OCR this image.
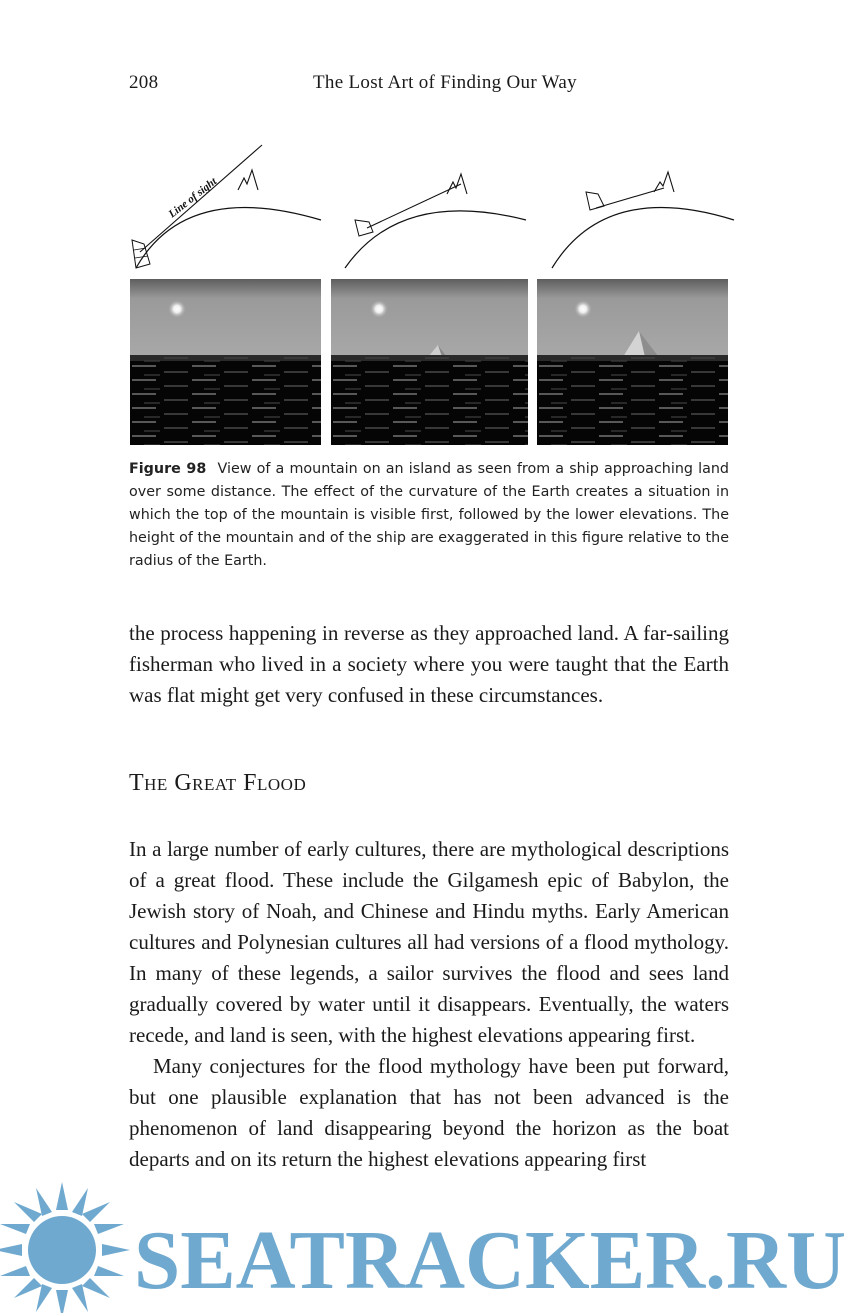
208	The Lost Art of Finding Our Way
Line of sight
Figure 98 View of a mountain on an island as seen from a ship approaching land over some distance. The effect of the curvature of the Earth creates a situation in which the top of the mountain is visible first, followed by the lower elevations. The height of the mountain and of the ship are exaggerated in this figure relative to the radius of the Earth.

the process happening in reverse as they approached land. A far-sailing fisherman who lived in a society where you were taught that the Earth was flat might get very confused in these circumstances.

The Great Flood

In a large number of early cultures, there are mythological descriptions of a great flood. These include the Gilgamesh epic of Babylon, the Jewish story of Noah, and Chinese and Hindu myths. Early American cultures and Polynesian cultures all had versions of a flood mythology. In many of these legends, a sailor survives the flood and sees land gradually covered by water until it disappears. Eventually, the waters recede, and land is seen, with the highest elevations appearing first.

Many conjectures for the flood mythology have been put forward, but one plausible explanation that has not been advanced is the phenomenon of land disappearing beyond the horizon as the boat departs and on its return the highest elevations appearing first

SEATRACKER.RU
